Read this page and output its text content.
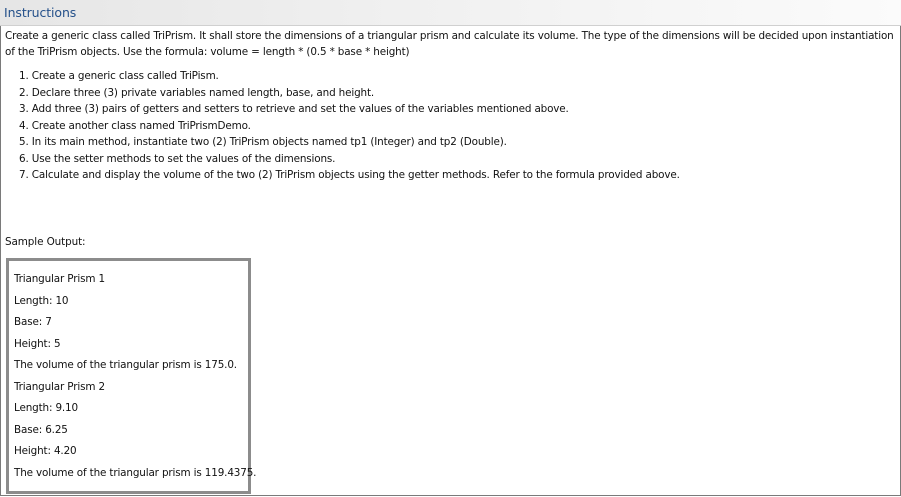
Instructions
Create a generic class called TriPrism. It shall store the dimensions of a triangular prism and calculate its volume. The type of the dimensions will be decided upon instantiation of the TriPrism objects. Use the formula: volume = length * (0.5 * base * height)
1. Create a generic class called TriPism.
2. Declare three (3) private variables named length, base, and height.
3. Add three (3) pairs of getters and setters to retrieve and set the values of the variables mentioned above.
4. Create another class named TriPrismDemo.
5. In its main method, instantiate two (2) TriPrism objects named tp1 (Integer) and tp2 (Double).
6. Use the setter methods to set the values of the dimensions.
7. Calculate and display the volume of the two (2) TriPrism objects using the getter methods. Refer to the formula provided above.
Sample Output:
Triangular Prism 1
Length: 10
Base: 7
Height: 5
The volume of the triangular prism is 175.0.
Triangular Prism 2
Length: 9.10
Base: 6.25
Height: 4.20
The volume of the triangular prism is 119.4375.
